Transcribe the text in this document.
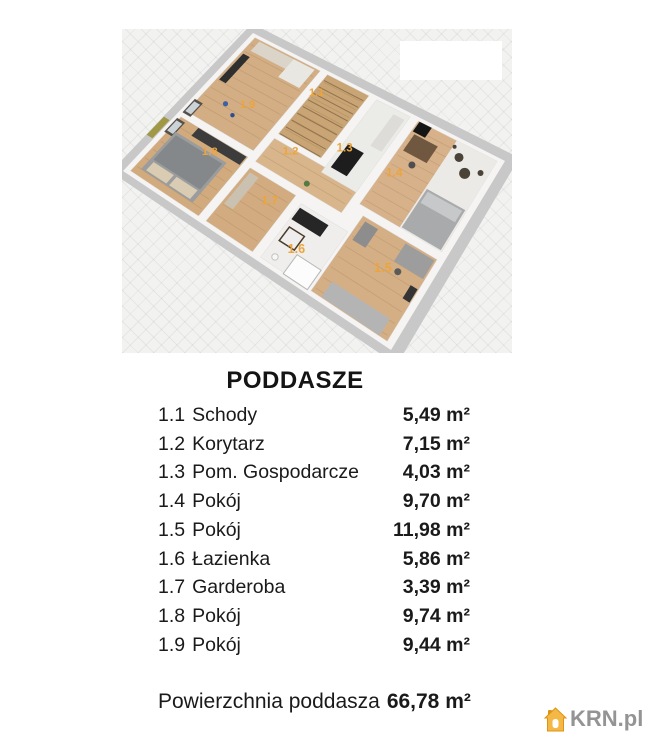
1.1
1.2	1.3
1.4
1.5
1.6
1.7
1.8
1.9
PODDASZE
1.1 Schody	5,49 m²
1.2 Korytarz	7,15 m²
1.3 Pom. Gospodarcze 4,03 m²
1.4 Pokój	9,70 m²
1.5 Pokój	11,98 m²
1.6 Łazienka	5,86 m²
1.7 Garderoba	3,39 m²
1.8 Pokój	9,74 m²
1.9 Pokój	9,44 m²
Powierzchnia poddasza 66,78 m²
KRN.pl
